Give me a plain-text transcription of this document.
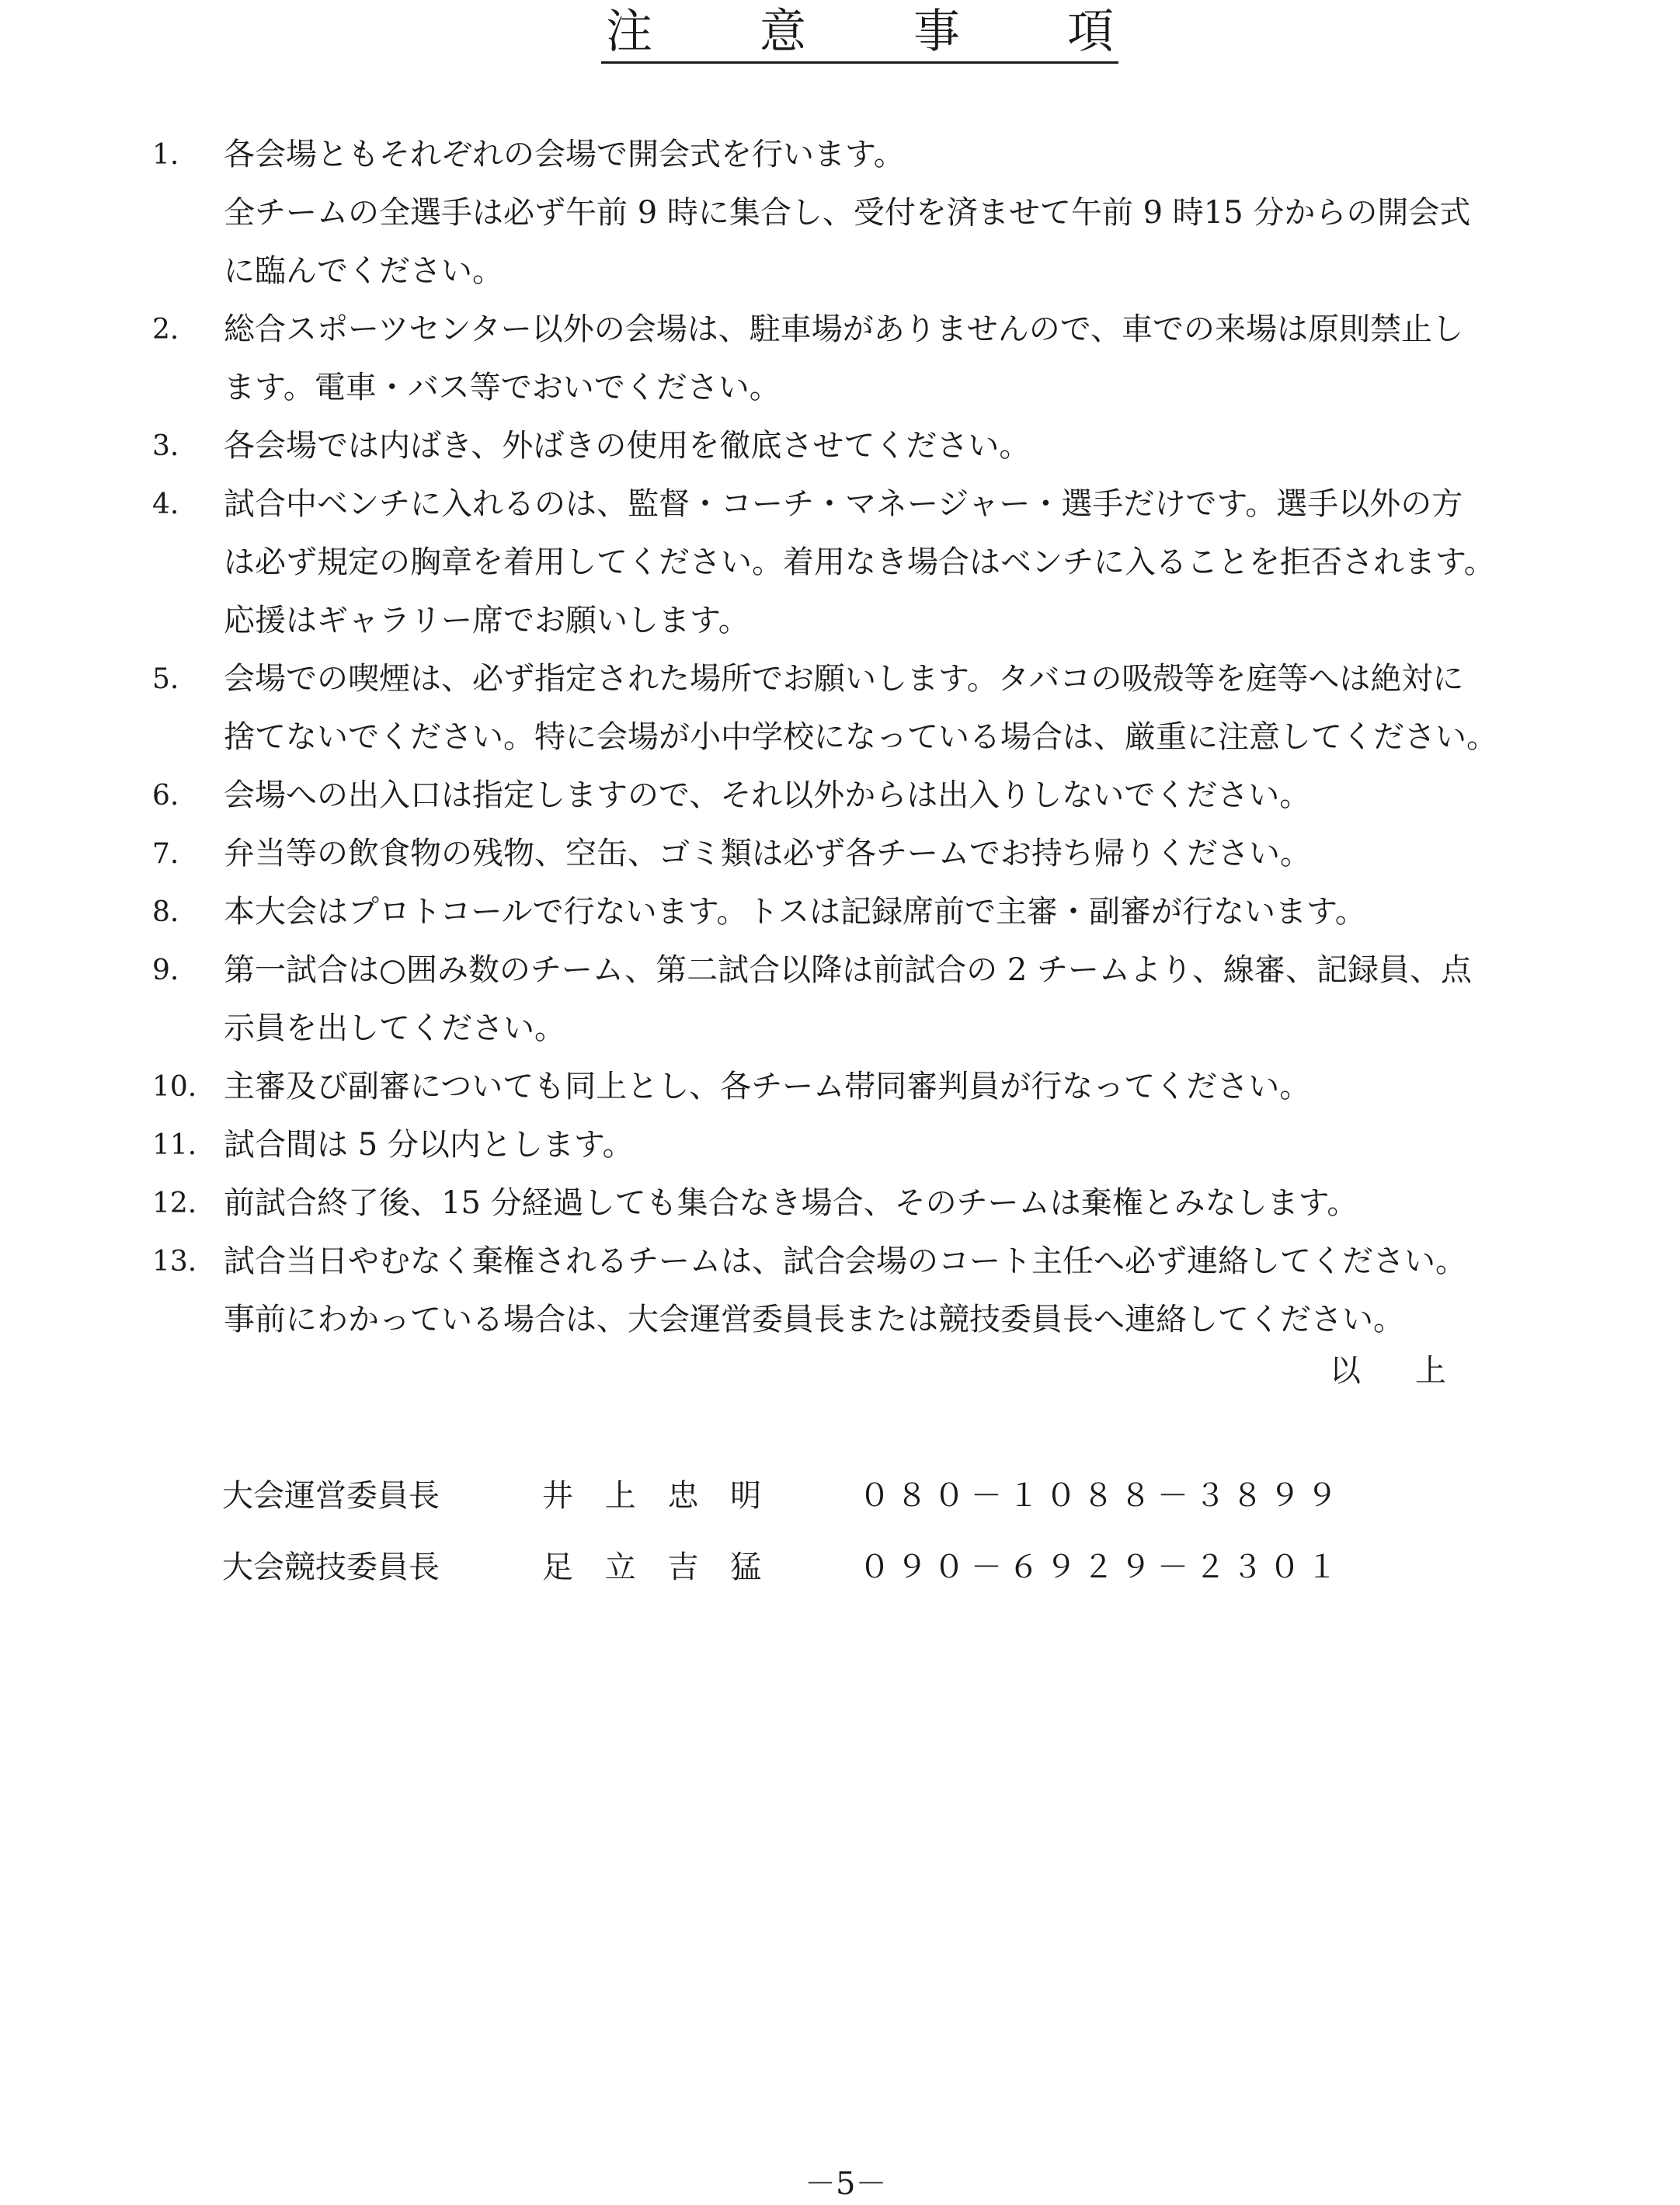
注 意 事 項
1.	各会場ともそれぞれの会場で開会式を行います。
全チームの全選手は必ず午前 9 時に集合し、受付を済ませて午前 9 時15 分からの開会式
に臨んでください。
2.	総合スポーツセンター以外の会場は、駐車場がありませんので、車での来場は原則禁止し
ます。電車・バス等でおいでください。
3.	各会場では内ばき、外ばきの使用を徹底させてください。
4.	試合中ベンチに入れるのは、監督・コーチ・マネージャー・選手だけです。選手以外の方
は必ず規定の胸章を着用してください。着用なき場合はベンチに入ることを拒否されます。
応援はギャラリー席でお願いします。
5.	会場での喫煙は、必ず指定された場所でお願いします。タバコの吸殻等を庭等へは絶対に
捨てないでください。特に会場が小中学校になっている場合は、厳重に注意してください。
6.	会場への出入口は指定しますので、それ以外からは出入りしないでください。
7.	弁当等の飲食物の残物、空缶、ゴミ類は必ず各チームでお持ち帰りください。
8.	本大会はプロトコールで行ないます。トスは記録席前で主審・副審が行ないます。
9.	第一試合は○囲み数のチーム、第二試合以降は前試合の 2 チームより、線審、記録員、点
示員を出してください。
10. 主審及び副審についても同上とし、各チーム帯同審判員が行なってください。
11. 試合間は 5 分以内とします。
12. 前試合終了後、15 分経過しても集合なき場合、そのチームは棄権とみなします。
13. 試合当日やむなく棄権されるチームは、試合会場のコート主任へ必ず連絡してください。
事前にわかっている場合は、大会運営委員長または競技委員長へ連絡してください。
以 上
大会運営委員長	井 上 忠 明	０８０－１０８８－３８９９
大会競技委員長	足 立 吉 猛	０９０－６９２９－２３０１
－5－
